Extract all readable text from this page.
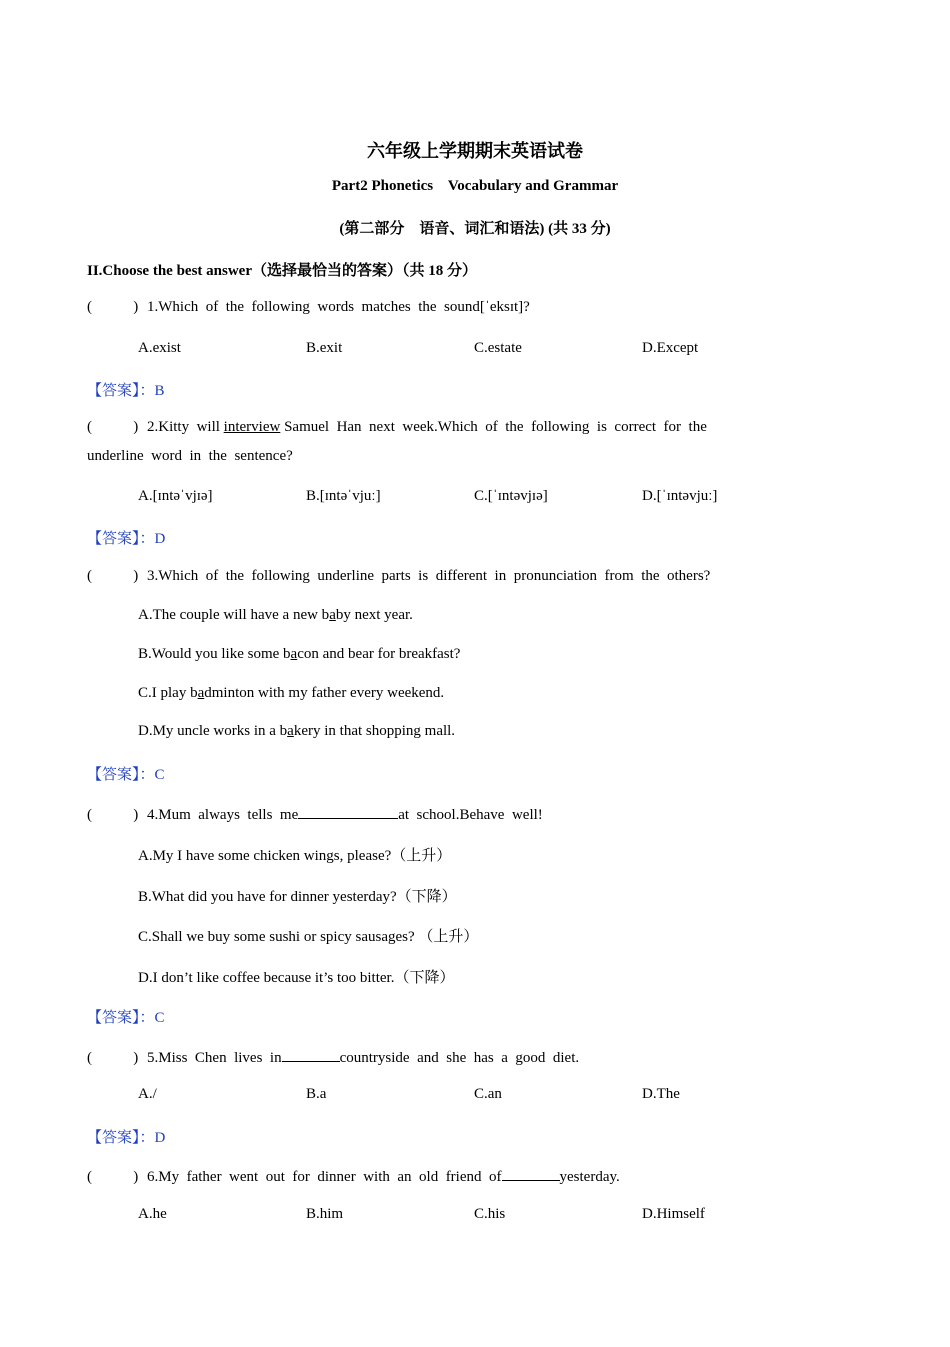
六年级上学期期末英语试卷
Part2 Phonetics    Vocabulary and Grammar
(第二部分    语音、词汇和语法) (共 33 分)
II.Choose the best answer（选择最恰当的答案）（共 18 分）
(	) 1.Which  of  the  following  words  matches  the  sound[ˈeksɪt]?
A.exist	B.exit	C.estate	D.Except
【答案】：B
(	) 2.Kitty  will interview Samuel  Han  next  week.Which  of  the  following  is  correct  for  the
underline  word  in  the  sentence?
A.[ɪntəˈvjɪə]	B.[ɪntəˈvjuː]	C.[ˈɪntəvjɪə]	D.[ˈɪntəvjuː]
【答案】：D
(	) 3.Which  of  the  following  underline  parts  is  different  in  pronunciation  from  the  others?
A.The couple will have a new baby next year.
B.Would you like some bacon and bear for breakfast?
C.I play badminton with my father every weekend.
D.My uncle works in a bakery in that shopping mall.
【答案】：C
(	) 4.Mum  always  tells  me	at  school.Behave  well!
A.My I have some chicken wings, please?（上升）
B.What did you have for dinner yesterday?（下降）
C.Shall we buy some sushi or spicy sausages? （上升）
D.I don’t like coffee because it’s too bitter.（下降）
【答案】：C
(	) 5.Miss  Chen  lives  in	countryside  and  she  has  a  good  diet.
A./	B.a	C.an	D.The
【答案】：D
(	) 6.My  father  went  out  for  dinner  with  an  old  friend  of	yesterday.
A.he	B.him	C.his	D.Himself
